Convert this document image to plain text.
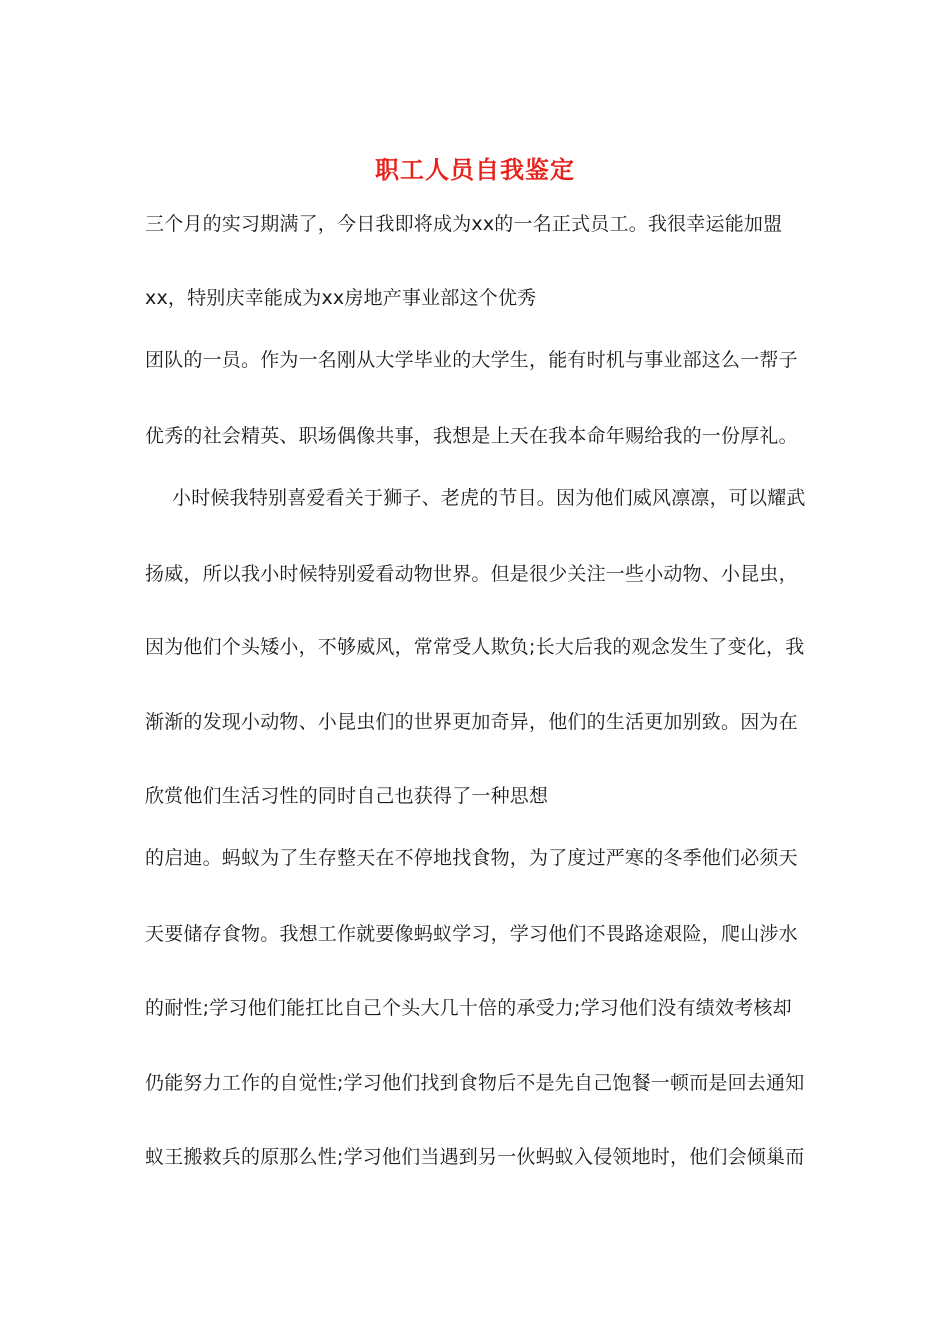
职工人员自我鉴定
三个月的实习期满了，今日我即将成为xx的一名正式员工。我很幸运能加盟
xx，特别庆幸能成为xx房地产事业部这个优秀
团队的一员。作为一名刚从大学毕业的大学生，能有时机与事业部这么一帮子
优秀的社会精英、职场偶像共事，我想是上天在我本命年赐给我的一份厚礼。
小时候我特别喜爱看关于狮子、老虎的节目。因为他们威风凛凛，可以耀武
扬威，所以我小时候特别爱看动物世界。但是很少关注一些小动物、小昆虫，
因为他们个头矮小，不够威风，常常受人欺负;长大后我的观念发生了变化，我
渐渐的发现小动物、小昆虫们的世界更加奇异，他们的生活更加别致。因为在
欣赏他们生活习性的同时自己也获得了一种思想
的启迪。蚂蚁为了生存整天在不停地找食物，为了度过严寒的冬季他们必须天
天要储存食物。我想工作就要像蚂蚁学习，学习他们不畏路途艰险，爬山涉水
的耐性;学习他们能扛比自己个头大几十倍的承受力;学习他们没有绩效考核却
仍能努力工作的自觉性;学习他们找到食物后不是先自己饱餐一顿而是回去通知
蚁王搬救兵的原那么性;学习他们当遇到另一伙蚂蚁入侵领地时，他们会倾巢而
